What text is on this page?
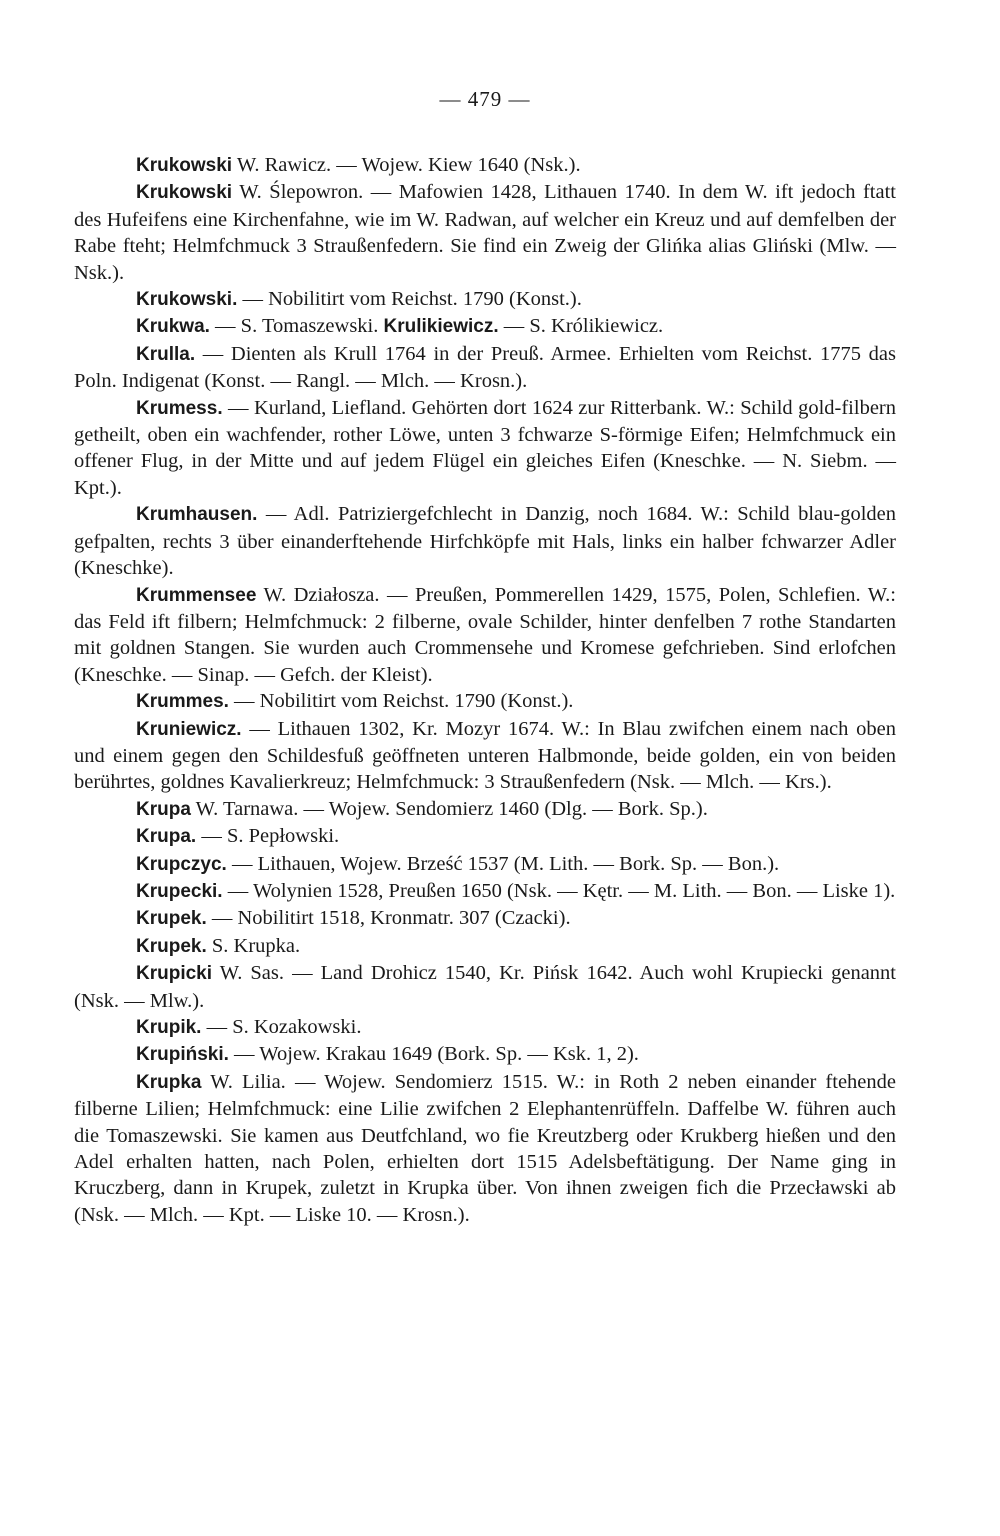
— 479 —

Krukowski W. Rawicz. — Wojew. Kiew 1640 (Nsk.).

Krukowski W. Ślepowron. — Mafowien 1428, Lithauen 1740. In dem W. ift jedoch ftatt des Hufeifens eine Kirchenfahne, wie im W. Radwan, auf welcher ein Kreuz und auf demfelben der Rabe fteht; Helmfchmuck 3 Straußenfedern. Sie find ein Zweig der Glińka alias Gliński (Mlw. — Nsk.).

Krukowski. — Nobilitirt vom Reichst. 1790 (Konst.).

Krukwa. — S. Tomaszewski. Krulikiewicz. — S. Królikiewicz.

Krulla. — Dienten als Krull 1764 in der Preuß. Armee. Erhielten vom Reichst. 1775 das Poln. Indigenat (Konst. — Rangl. — Mlch. — Krosn.).

Krumess. — Kurland, Liefland. Gehörten dort 1624 zur Ritterbank. W.: Schild gold-filbern getheilt, oben ein wachfender, rother Löwe, unten 3 fchwarze S-förmige Eifen; Helmfchmuck ein offener Flug, in der Mitte und auf jedem Flügel ein gleiches Eifen (Kneschke. — N. Siebm. — Kpt.).

Krumhausen. — Adl. Patriziergefchlecht in Danzig, noch 1684. W.: Schild blau-golden gefpalten, rechts 3 über einanderftehende Hirfchköpfe mit Hals, links ein halber fchwarzer Adler (Kneschke).

Krummensee W. Działosza. — Preußen, Pommerellen 1429, 1575, Polen, Schlefien. W.: das Feld ift filbern; Helmfchmuck: 2 filberne, ovale Schilder, hinter denfelben 7 rothe Standarten mit goldnen Stangen. Sie wurden auch Crommensehe und Kromese gefchrieben. Sind erlofchen (Kneschke. — Sinap. — Gefch. der Kleist).

Krummes. — Nobilitirt vom Reichst. 1790 (Konst.).

Kruniewicz. — Lithauen 1302, Kr. Mozyr 1674. W.: In Blau zwifchen einem nach oben und einem gegen den Schildesfuß geöffneten unteren Halbmonde, beide golden, ein von beiden berührtes, goldnes Kavalierkreuz; Helmfchmuck: 3 Straußenfedern (Nsk. — Mlch. — Krs.).

Krupa W. Tarnawa. — Wojew. Sendomierz 1460 (Dlg. — Bork. Sp.).

Krupa. — S. Pepłowski.

Krupczyc. — Lithauen, Wojew. Brześć 1537 (M. Lith. — Bork. Sp. — Bon.).

Krupecki. — Wolynien 1528, Preußen 1650 (Nsk. — Kętr. — M. Lith. — Bon. — Liske 1).

Krupek. — Nobilitirt 1518, Kronmatr. 307 (Czacki).

Krupek. S. Krupka.

Krupicki W. Sas. — Land Drohicz 1540, Kr. Pińsk 1642. Auch wohl Krupiecki genannt (Nsk. — Mlw.).

Krupik. — S. Kozakowski.

Krupiński. — Wojew. Krakau 1649 (Bork. Sp. — Ksk. 1, 2).

Krupka W. Lilia. — Wojew. Sendomierz 1515. W.: in Roth 2 neben einander ftehende filberne Lilien; Helmfchmuck: eine Lilie zwifchen 2 Elephantenrüffeln. Daffelbe W. führen auch die Tomaszewski. Sie kamen aus Deutfchland, wo fie Kreutzberg oder Krukberg hießen und den Adel erhalten hatten, nach Polen, erhielten dort 1515 Adelsbeftätigung. Der Name ging in Kruczberg, dann in Krupek, zuletzt in Krupka über. Von ihnen zweigen fich die Przecławski ab (Nsk. — Mlch. — Kpt. — Liske 10. — Krosn.).
